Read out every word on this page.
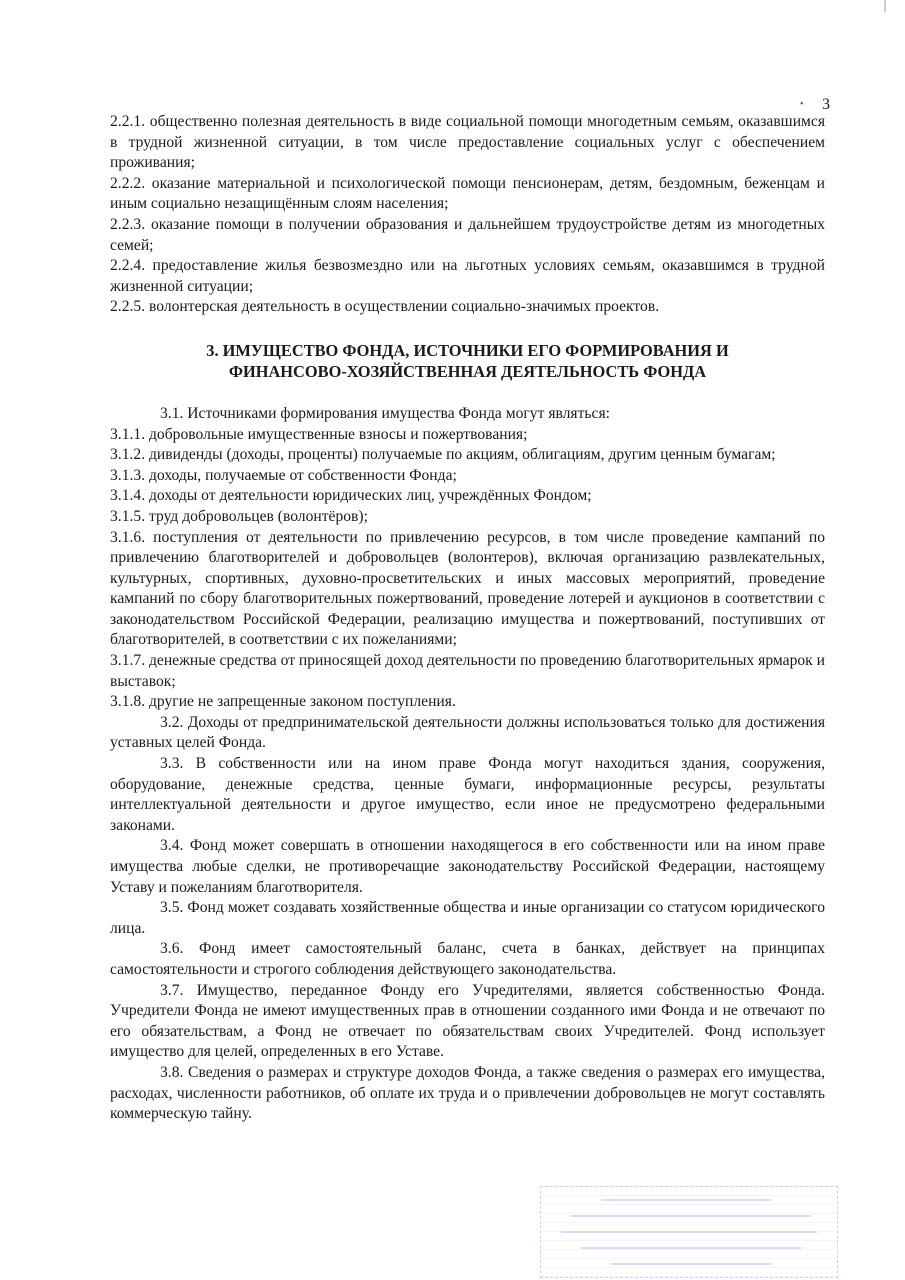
•	3

2.2.1. общественно полезная деятельность в виде социальной помощи многодетным семьям, оказавшимся в трудной жизненной ситуации, в том числе предоставление социальных услуг с обеспечением проживания;

2.2.2. оказание материальной и психологической помощи пенсионерам, детям, бездомным, беженцам и иным социально незащищённым слоям населения;

2.2.3. оказание помощи в получении образования и дальнейшем трудоустройстве детям из многодетных семей;

2.2.4. предоставление жилья безвозмездно или на льготных условиях семьям, оказавшимся в трудной жизненной ситуации;

2.2.5. волонтерская деятельность в осуществлении социально-значимых проектов.

3. ИМУЩЕСТВО ФОНДА, ИСТОЧНИКИ ЕГО ФОРМИРОВАНИЯ И
ФИНАНСОВО-ХОЗЯЙСТВЕННАЯ ДЕЯТЕЛЬНОСТЬ ФОНДА

3.1. Источниками формирования имущества Фонда могут являться:

3.1.1. добровольные имущественные взносы и пожертвования;

3.1.2. дивиденды (доходы, проценты) получаемые по акциям, облигациям, другим ценным бумагам;

3.1.3. доходы, получаемые от собственности Фонда;

3.1.4. доходы от деятельности юридических лиц, учреждённых Фондом;

3.1.5. труд добровольцев (волонтёров);

3.1.6. поступления от деятельности по привлечению ресурсов, в том числе проведение кампаний по привлечению благотворителей и добровольцев (волонтеров), включая организацию развлекательных, культурных, спортивных, духовно-просветительских и иных массовых мероприятий, проведение кампаний по сбору благотворительных пожертвований, проведение лотерей и аукционов в соответствии с законодательством Российской Федерации, реализацию имущества и пожертвований, поступивших от благотворителей, в соответствии с их пожеланиями;

3.1.7. денежные средства от приносящей доход деятельности по проведению благотворительных ярмарок и выставок;

3.1.8. другие не запрещенные законом поступления.

3.2. Доходы от предпринимательской деятельности должны использоваться только для достижения уставных целей Фонда.

3.3. В собственности или на ином праве Фонда могут находиться здания, сооружения, оборудование, денежные средства, ценные бумаги, информационные ресурсы, результаты интеллектуальной деятельности и другое имущество, если иное не предусмотрено федеральными законами.

3.4. Фонд может совершать в отношении находящегося в его собственности или на ином праве имущества любые сделки, не противоречащие законодательству Российской Федерации, настоящему Уставу и пожеланиям благотворителя.

3.5. Фонд может создавать хозяйственные общества и иные организации со статусом юридического лица.

3.6. Фонд имеет самостоятельный баланс, счета в банках, действует на принципах самостоятельности и строгого соблюдения действующего законодательства.

3.7. Имущество, переданное Фонду его Учредителями, является собственностью Фонда. Учредители Фонда не имеют имущественных прав в отношении созданного ими Фонда и не отвечают по его обязательствам, а Фонд не отвечает по обязательствам своих Учредителей. Фонд использует имущество для целей, определенных в его Уставе.

3.8. Сведения о размерах и структуре доходов Фонда, а также сведения о размерах его имущества, расходах, численности работников, об оплате их труда и о привлечении добровольцев не могут составлять коммерческую тайну.
